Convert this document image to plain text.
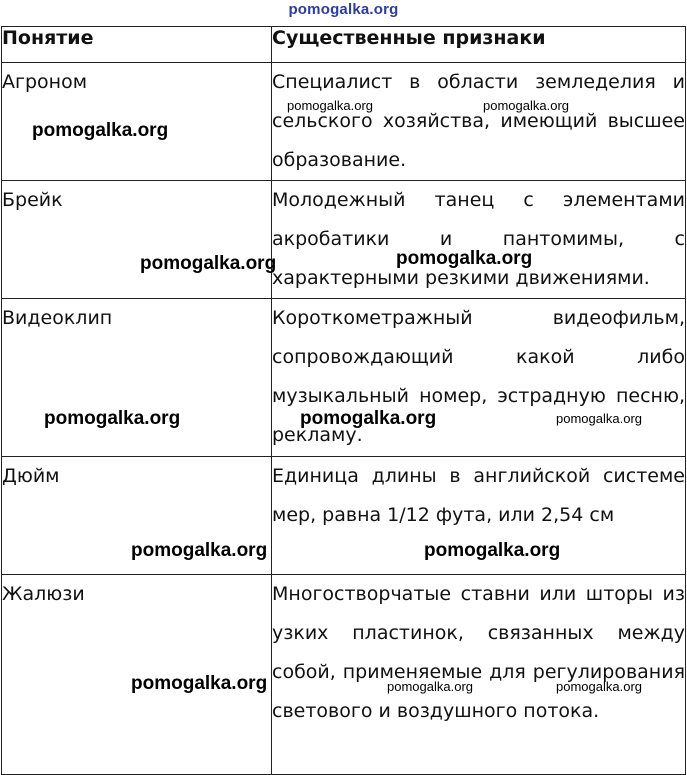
pomogalka.org
Понятие	Существенные признаки
Агроном	Специалист в области земледелия и сельского хозяйства, имеющий высшее образование.
Брейк	Молодежный танец с элементами акробатики и пантомимы, с характерными резкими движениями.
Видеоклип	Короткометражный видеофильм, сопровождающий какой либо музыкальный номер, эстрадную песню, рекламу.
Дюйм	Единица длины в английской системе мер, равна 1/12 фута, или 2,54 см
Жалюзи	Многостворчатые ставни или шторы из узких пластинок, связанных между собой, применяемые для регулирования светового и воздушного потока.
pomogalka.org
pomogalka.org	pomogalka.org
pomogalka.org	pomogalka.org
pomogalka.org	pomogalka.org	pomogalka.org
pomogalka.org	pomogalka.org
pomogalka.org	pomogalka.org	pomogalka.org
